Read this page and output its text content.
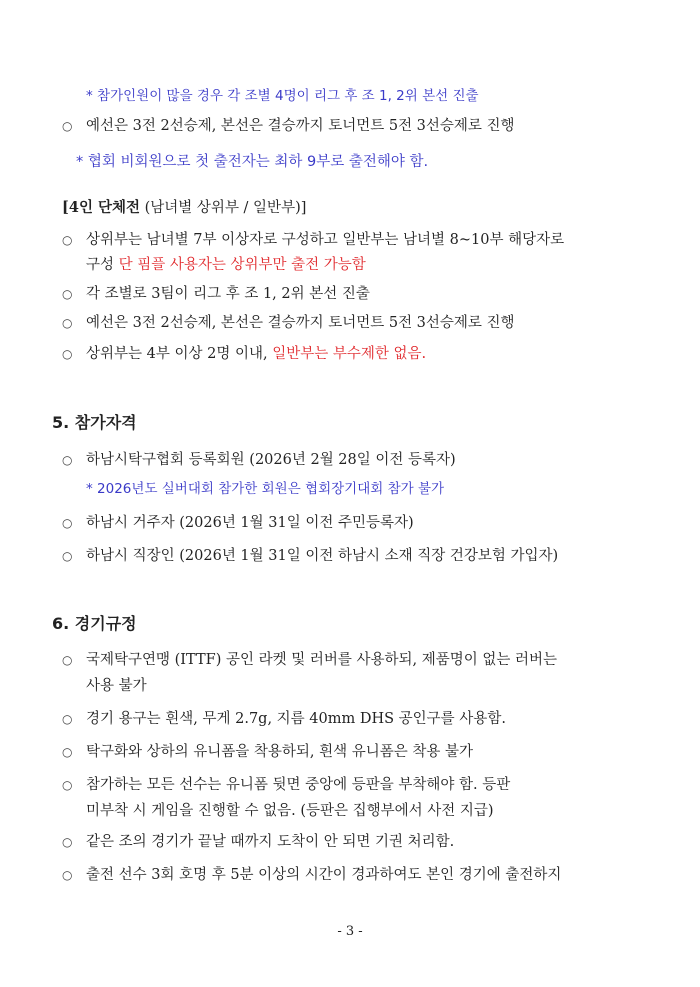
* 참가인원이 많을 경우 각 조별 4명이 리그 후 조 1, 2위 본선 진출
○ 예선은 3전 2선승제, 본선은 결승까지 토너먼트 5전 3선승제로 진행
* 협회 비회원으로 첫 출전자는 최하 9부로 출전해야 함.
[4인 단체전 (남녀별 상위부 / 일반부)]
○ 상위부는 남녀별 7부 이상자로 구성하고 일반부는 남녀별 8~10부 해당자로
구성 단 핌플 사용자는 상위부만 출전 가능함
○ 각 조별로 3팀이 리그 후 조 1, 2위 본선 진출
○ 예선은 3전 2선승제, 본선은 결승까지 토너먼트 5전 3선승제로 진행
○ 상위부는 4부 이상 2명 이내, 일반부는 부수제한 없음.
5. 참가자격
○ 하남시탁구협회 등록회원 (2026년 2월 28일 이전 등록자)
* 2026년도 실버대회 참가한 회원은 협회장기대회 참가 불가
○ 하남시 거주자 (2026년 1월 31일 이전 주민등록자)
○ 하남시 직장인 (2026년 1월 31일 이전 하남시 소재 직장 건강보험 가입자)
6. 경기규정
○ 국제탁구연맹 (ITTF) 공인 라켓 및 러버를 사용하되, 제품명이 없는 러버는
사용 불가
○ 경기 용구는 흰색, 무게 2.7g, 지름 40mm DHS 공인구를 사용함.
○ 탁구화와 상하의 유니폼을 착용하되, 흰색 유니폼은 착용 불가
○ 참가하는 모든 선수는 유니폼 뒷면 중앙에 등판을 부착해야 함. 등판
미부착 시 게임을 진행할 수 없음. (등판은 집행부에서 사전 지급)
○ 같은 조의 경기가 끝날 때까지 도착이 안 되면 기권 처리함.
○ 출전 선수 3회 호명 후 5분 이상의 시간이 경과하여도 본인 경기에 출전하지
- 3 -
